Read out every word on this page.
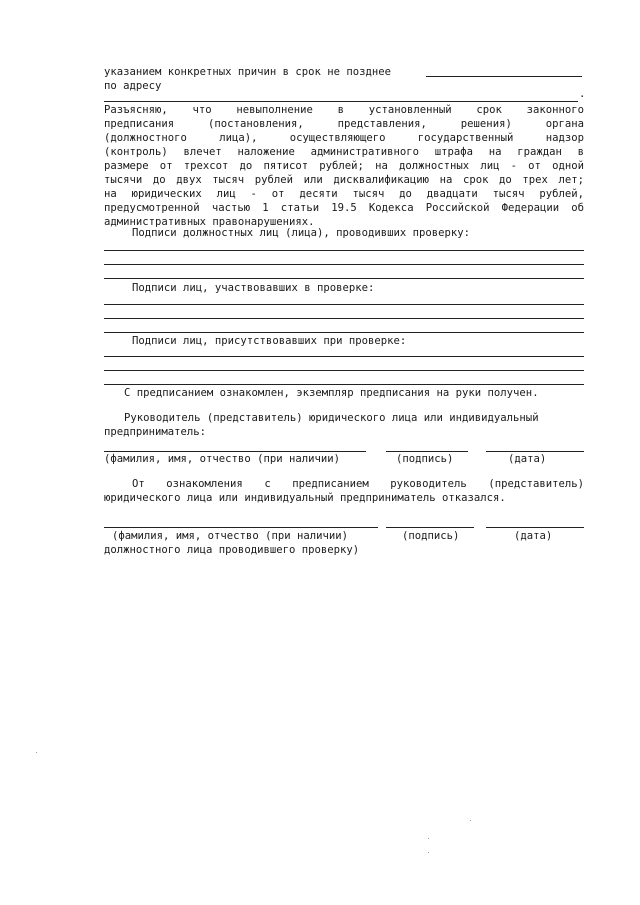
указанием конкретных причин в срок не позднее
по адресу
.
Разъясняю, что невыполнение в установленный срок законного
предписания (постановления, представления, решения) органа
(должностного лица), осуществляющего государственный надзор
(контроль) влечет наложение административного штрафа на граждан в
размере от трехсот до пятисот рублей; на должностных лиц - от одной
тысячи до двух тысяч рублей или дисквалификацию на срок до трех лет;
на юридических лиц - от десяти тысяч до двадцати тысяч рублей,
предусмотренной частью 1 статьи 19.5 Кодекса Российской Федерации об
административных правонарушениях.
Подписи должностных лиц (лица), проводивших проверку:
Подписи лиц, участвовавших в проверке:
Подписи лиц, присутствовавших при проверке:
С предписанием ознакомлен, экземпляр предписания на руки получен.
Руководитель (представитель) юридического лица или индивидуальный
предприниматель:
(фамилия, имя, отчество (при наличии)	(подпись)	(дата)
От ознакомления с предписанием руководитель (представитель)
юридического лица или индивидуальный предприниматель отказался.
(фамилия, имя, отчество (при наличии)	(подпись)	(дата)
должностного лица проводившего проверку)
